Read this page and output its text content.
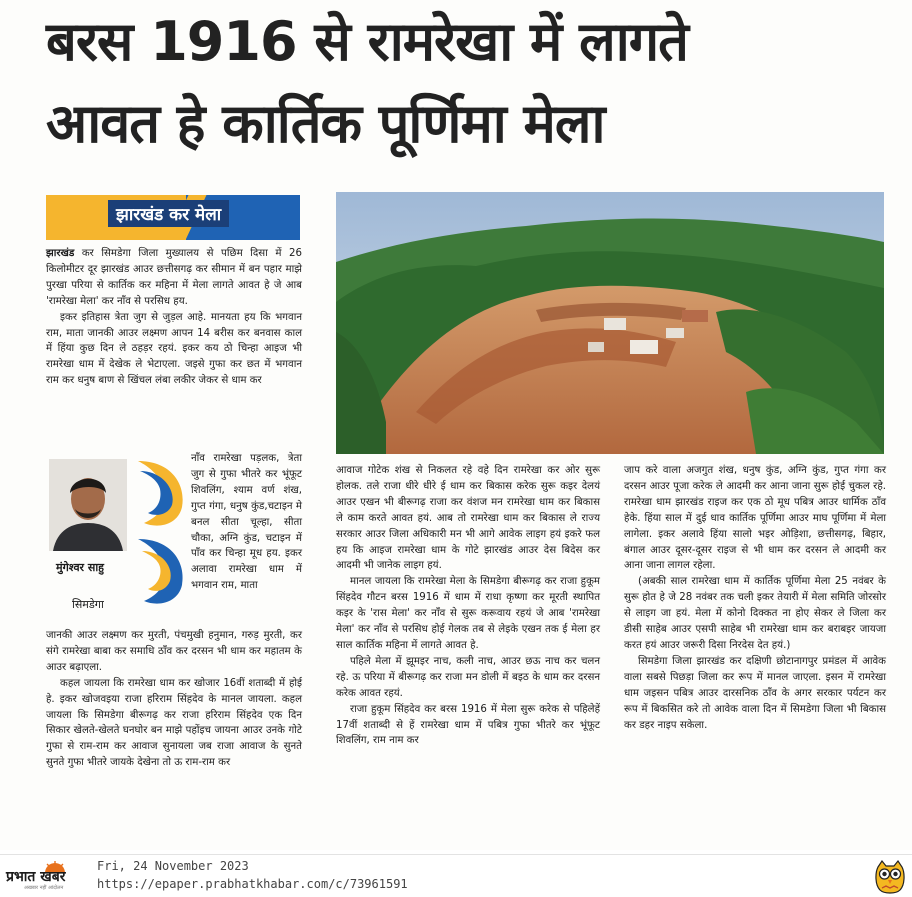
बरस 1916 से रामरेखा में लागते
आवत हे कार्तिक पूर्णिमा मेला
झारखंड कर मेला

झारखंड कर सिमडेगा जिला मुख्यालय से पछिम दिसा में 26 किलोमीटर दूर झारखंड आउर छत्तीसगढ़ कर सीमान में बन पहार माझे पुरखा परिया से कार्तिक कर महिना में मेला लागते आवत हे जे आब 'रामरेखा मेला' कर नाँव से परसिध हय.

इकर इतिहास त्रेता जुग से जुड़ल आहे. मानयता हय कि भगवान राम, माता जानकी आउर लक्ष्मण आपन 14 बरीस कर बनवास काल में हिंया कुछ दिन ले ठहड़र रहयं. इकर कय ठो चिन्हा आइज भी रामरेखा धाम में देखेक ले भेटाएला. जइसे गुफा कर छत में भगवान राम कर धनुष बाण से खिंचल लंबा लकीर जेकर से धाम कर

मुंगेश्वर साहु
सिमडेगा

नाँव रामरेखा पड़लक, त्रेता जुग से गुफा भीतरे कर भूंफूट शिवलिंग, श्याम वर्ण शंख, गुप्त गंगा, धनुष कुंड,चटाइन मे बनल सीता चूल्हा, सीता चौका, अग्नि कुंड, चटाइन में पाँव कर चिन्हा मूध हय. इकर अलावा रामरेखा धाम में भगवान राम, माता

जानकी आउर लक्ष्मण कर मुरती, पंचमुखी हनुमान, गरुड़ मुरती, कर संगे रामरेखा बाबा कर समाधि ठाँव कर दरसन भी धाम कर महातम के आउर बढ़ाएला.

कहल जायला कि रामरेखा धाम कर खोजार 16वीं शताब्दी में होई हे. इकर खोजवइया राजा हरिराम सिंहदेव के मानल जायला. कहल जायला कि सिमडेगा बीरूगढ़ कर राजा हरिराम सिंहदेव एक दिन सिकार खेलते-खेलते घनघोर बन माझे पहोंइच जायना आउर उनके गोटे गुफा से राम-राम कर आवाज सुनायला जब राजा आवाज के सुनते सुनते गुफा भीतरे जायके देखेना तो ऊ राम-राम कर

आवाज गोटेक शंख से निकलत रहे वहे दिन रामरेखा कर ओर सुरू होलक. तले राजा धीरे धीरे ई धाम कर बिकास करेक सुरू कइर देलयं आउर एखन भी बीरूगढ़ राजा कर वंशज मन रामरेखा धाम कर बिकास ले काम करते आवत हयं. आब तो रामरेखा धाम कर बिकास ले राज्य सरकार आउर जिला अधिकारी मन भी आगे आवेक लाइग हयं इकरे फल हय कि आइज रामरेखा धाम के गोटे झारखंड आउर देस बिदेस कर आदमी भी जानेक लाइग हयं.

मानल जायला कि रामरेखा मेला के सिमडेगा बीरूगढ़ कर राजा हुकूम सिंहदेव गौटन बरस 1916 में धाम में राधा कृष्णा कर मूरती स्थापित कइर के 'रास मेला' कर नाँव से सुरू करूवाय रहयं जे आब 'रामरेखा मेला' कर नाँव से परसिध होई गेलक तब से लेइके एखन तक ई मेला हर साल कार्तिक महिना में लागते आवत हे.

पहिले मेला में झूमइर नाच, कली नाच, आउर छऊ नाच कर चलन रहे. ऊ परिया में बीरूगढ़ कर राजा मन डोली में बइठ के धाम कर दरसन करेक आवत रहयं.

राजा हुकूम सिंहदेव कर बरस 1916 में मेला सुरू करेक से पहिलेहें 17वीं शताब्दी से हें रामरेखा धाम में पबित्र गुफा भीतरे कर भूंफूट शिवलिंग, राम नाम कर

जाप करे वाला अजगुत शंख, धनुष कुंड, अग्नि कुंड, गुप्त गंगा कर दरसन आउर पूजा करेक ले आदमी कर आना जाना सुरू होई चुकल रहे. रामरेखा धाम झारखंड राइज कर एक ठो मूध पबित्र आउर धार्मिक ठाँव हेके. हिंया साल में दुई धाव कार्तिक पूर्णिमा आउर माघ पूर्णिमा में मेला लागेला. इकर अलावे हिंया सालो भइर ओड़िशा, छत्तीसगढ़, बिहार, बंगाल आउर दूसर-दूसर राइज से भी धाम कर दरसन ले आदमी कर आना जाना लागल रहेला.

(अबकी साल रामरेखा धाम में कार्तिक पूर्णिमा मेला 25 नवंबर के सुरू होत हे जे 28 नवंबर तक चली इकर तेयारी में मेला समिति जोरसोर से लाइग जा हयं. मेला में कोनो दिक्कत ना होए सेकर ले जिला कर डीसी साहेब आउर एसपी साहेब भी रामरेखा धाम कर बराबइर जायजा करत हयं आउर जरूरी दिसा निरदेस देत हयं.)

सिमडेगा जिला झारखंड कर दक्षिणी छोटानागपुर प्रमंडल में आवेक वाला सबसे पिछड़ा जिला कर रूप में मानल जाएला. इसन में रामरेखा धाम जइसन पबित्र आउर दारसनिक ठाँव के अगर सरकार पर्यटन कर रूप में बिकसित करे तो आवेक वाला दिन में सिमडेगा जिला भी बिकास कर डहर नाइप सकेला.

प्रभात खबर
अखबार नहीं आंदोलन
Fri, 24 November 2023
https://epaper.prabhatkhabar.com/c/73961591
